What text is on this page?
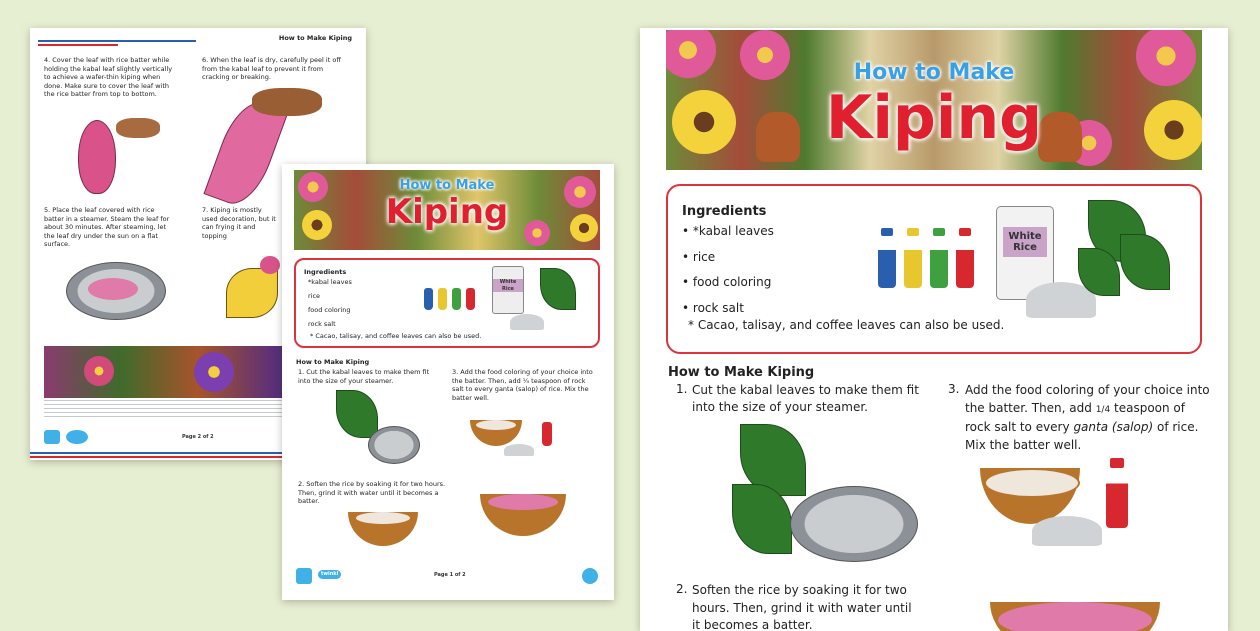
How to Make Kiping
4. Cover the leaf with rice batter while holding the kabal leaf slightly vertically to achieve a wafer-thin kiping when done. Make sure to cover the leaf with the rice batter from top to bottom.
6. When the leaf is dry, carefully peel it off from the kabal leaf to prevent it from cracking or breaking.
5. Place the leaf covered with rice batter in a steamer. Steam the leaf for about 30 minutes. After steaming, let the leaf dry under the sun on a flat surface.
7. Kiping is mostly used decoration, but it can frying it and topping
Page 2 of 2
How to Make
Kiping
Ingredients
*kabal leaves
rice
food coloring
rock salt
* Cacao, talisay, and coffee leaves can also be used.
White Rice
How to Make Kiping
1. Cut the kabal leaves to make them fit into the size of your steamer.
3. Add the food coloring of your choice into the batter. Then, add ¼ teaspoon of rock salt to every ganta (salop) of rice. Mix the batter well.
2. Soften the rice by soaking it for two hours. Then, grind it with water until it becomes a batter.
twinkl	Page 1 of 2
How to Make
Kiping
Ingredients
• *kabal leaves
• rice
• food coloring
• rock salt
* Cacao, talisay, and coffee leaves can also be used.
White Rice
How to Make Kiping
1. Cut the kabal leaves to make them fit into the size of your steamer.
3. Add the food coloring of your choice into the batter. Then, add 1/4 teaspoon of rock salt to every ganta (salop) of rice. Mix the batter well.
2. Soften the rice by soaking it for two hours. Then, grind it with water until it becomes a batter.
